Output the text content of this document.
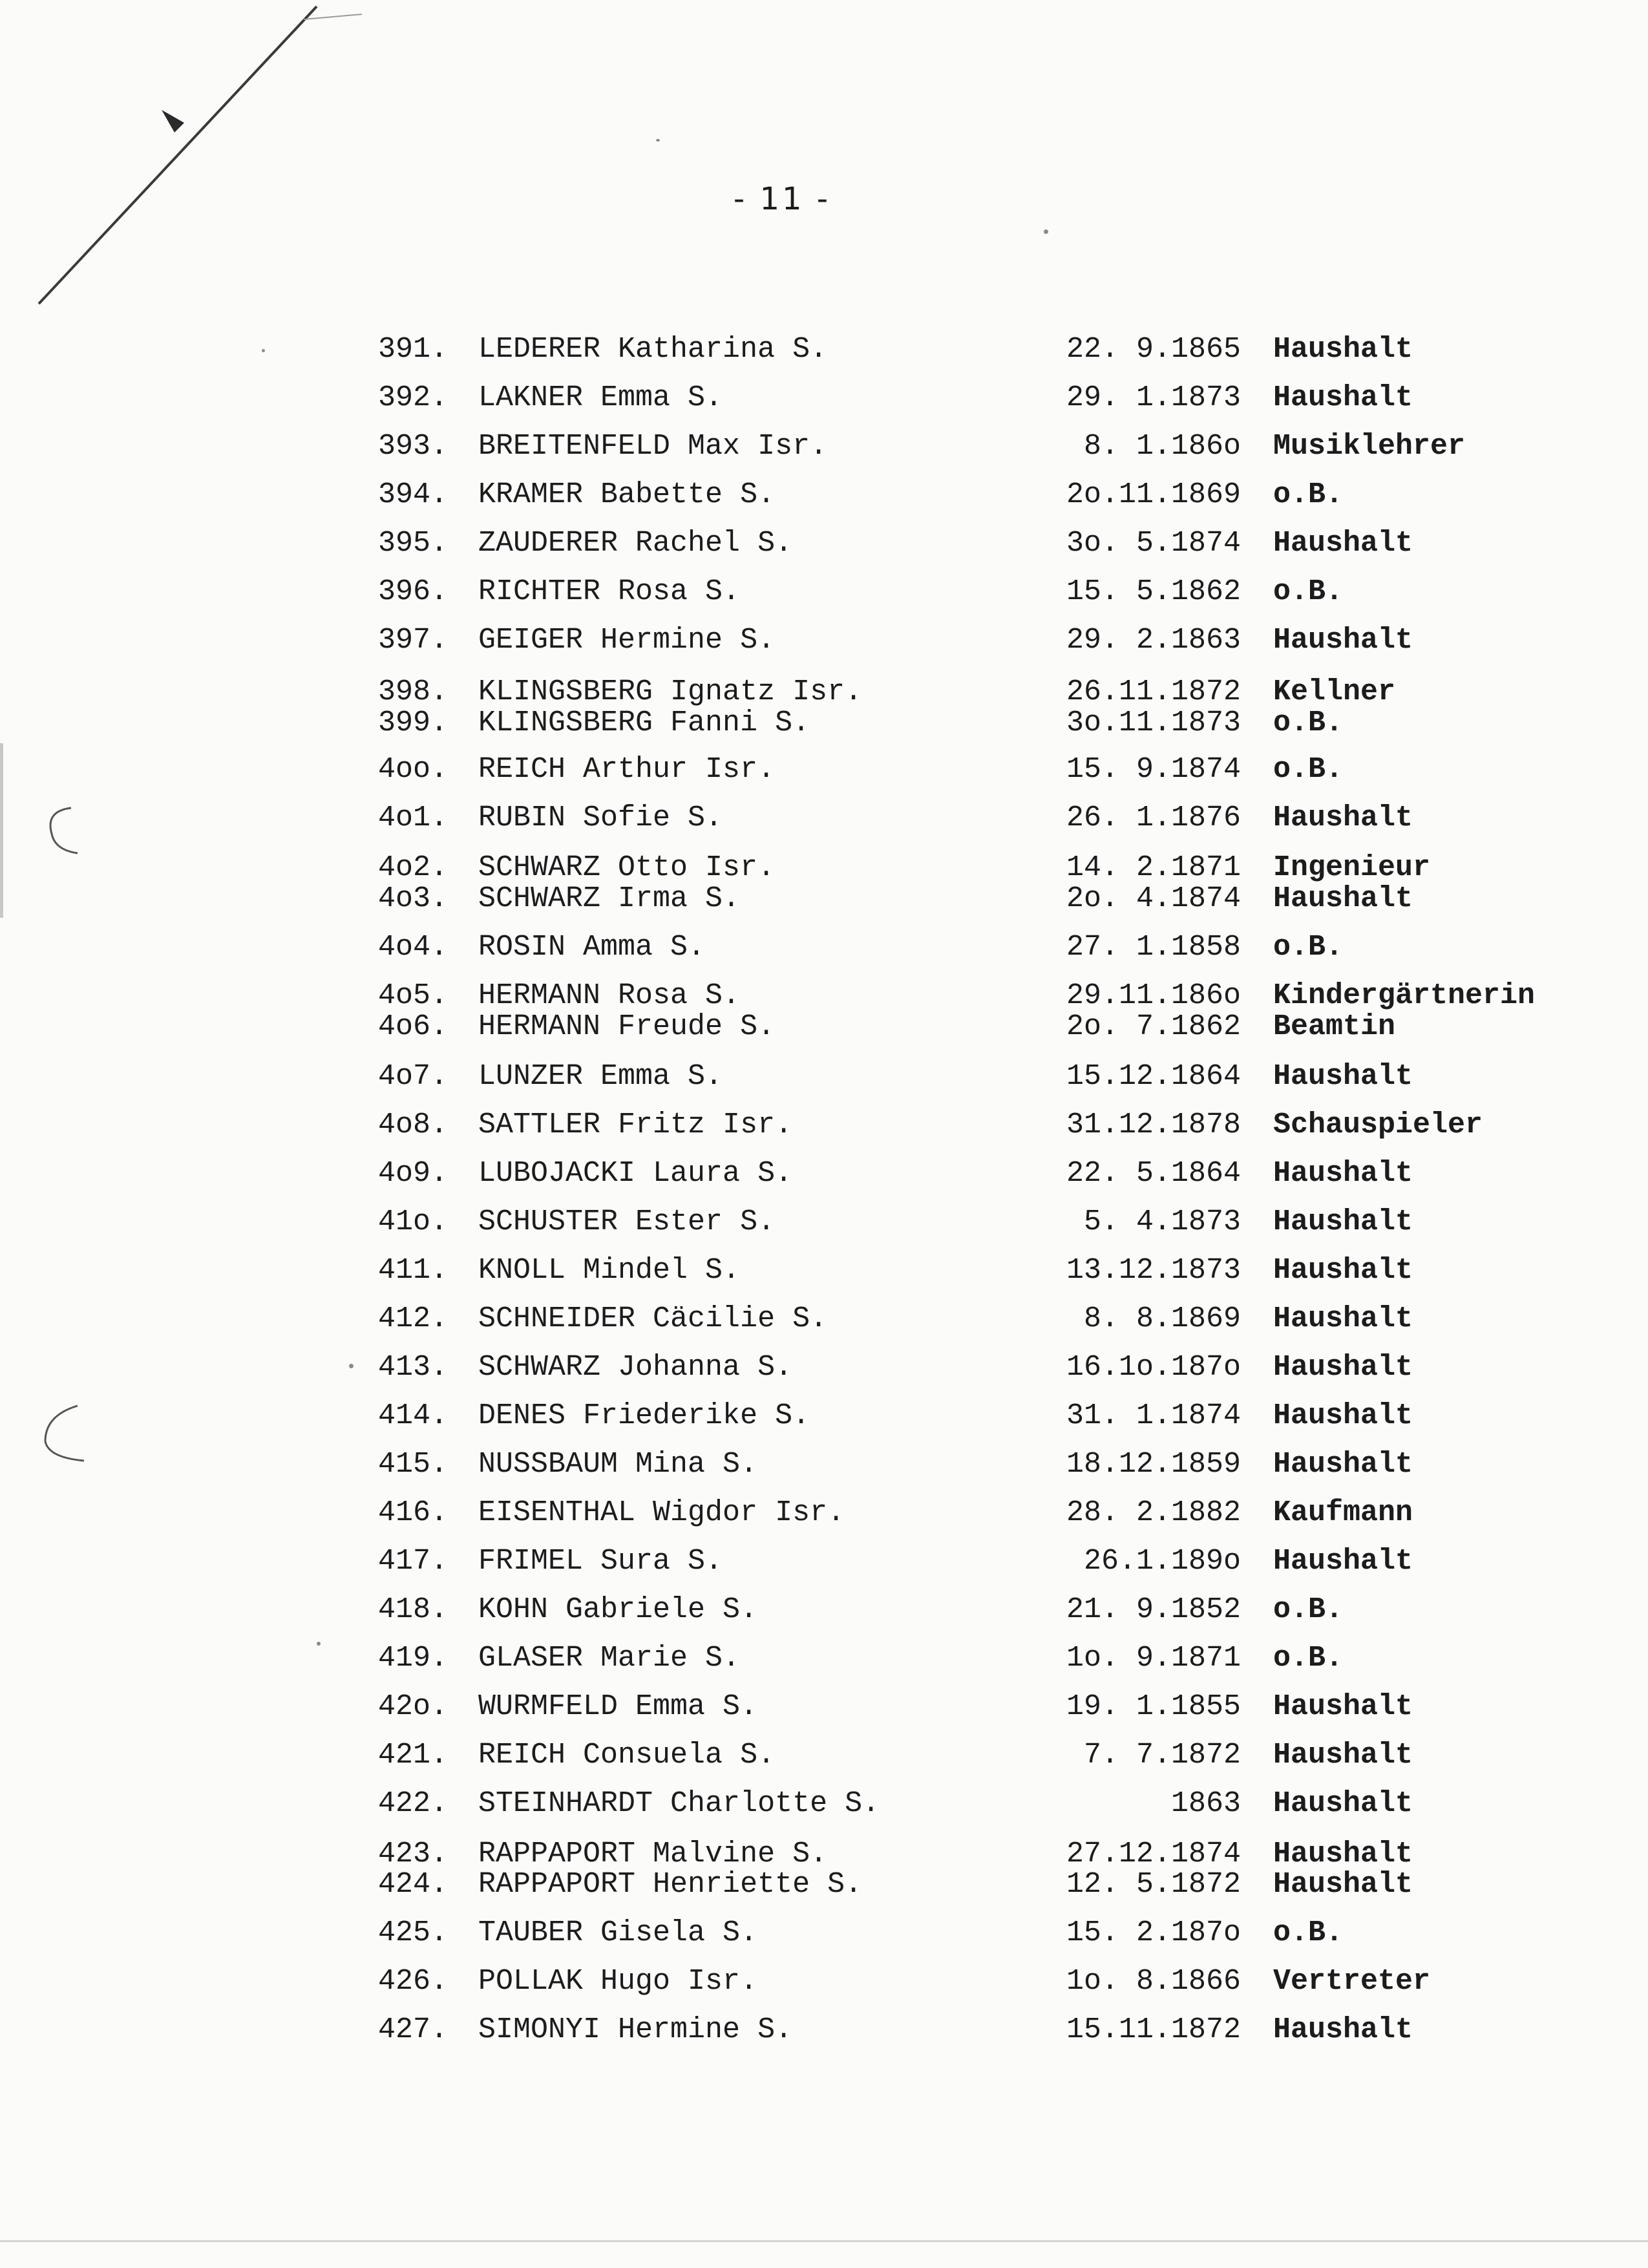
- 11 -
391.	LEDERER Katharina S.	22. 9.1865 Haushalt
392.	LAKNER Emma S.	29. 1.1873 Haushalt
393.	BREITENFELD Max Isr.	8. 1.186o Musiklehrer
394.	KRAMER Babette S.	2o.11.1869 o.B.
395.	ZAUDERER Rachel S.	3o. 5.1874 Haushalt
396.	RICHTER Rosa S.	15. 5.1862 o.B.
397.	GEIGER Hermine S.	29. 2.1863 Haushalt
398.	KLINGSBERG Ignatz Isr.	26.11.1872 Kellner
399.	KLINGSBERG Fanni S.	3o.11.1873 o.B.
4oo.	REICH Arthur Isr.	15. 9.1874 o.B.
4o1.	RUBIN Sofie S.	26. 1.1876 Haushalt
4o2.	SCHWARZ Otto Isr.	14. 2.1871 Ingenieur
4o3.	SCHWARZ Irma S.	2o. 4.1874 Haushalt
4o4.	ROSIN Amma S.	27. 1.1858 o.B.
4o5.	HERMANN Rosa S.	29.11.186o Kindergärtnerin
4o6.	HERMANN Freude S.	2o. 7.1862 Beamtin
4o7.	LUNZER Emma S.	15.12.1864 Haushalt
4o8.	SATTLER Fritz Isr.	31.12.1878 Schauspieler
4o9.	LUBOJACKI Laura S.	22. 5.1864 Haushalt
41o.	SCHUSTER Ester S.	5. 4.1873 Haushalt
411.	KNOLL Mindel S.	13.12.1873 Haushalt
412.	SCHNEIDER Cäcilie S.	8. 8.1869 Haushalt
413.	SCHWARZ Johanna S.	16.1o.187o Haushalt
414.	DENES Friederike S.	31. 1.1874 Haushalt
415.	NUSSBAUM Mina S.	18.12.1859 Haushalt
416.	EISENTHAL Wigdor Isr.	28. 2.1882 Kaufmann
417.	FRIMEL Sura S.	26.1.189o Haushalt
418.	KOHN Gabriele S.	21. 9.1852 o.B.
419.	GLASER Marie S.	1o. 9.1871 o.B.
42o.	WURMFELD Emma S.	19. 1.1855 Haushalt
421.	REICH Consuela S.	7. 7.1872 Haushalt
422.	STEINHARDT Charlotte S.	1863 Haushalt
423.	RAPPAPORT Malvine S.	27.12.1874 Haushalt
424.	RAPPAPORT Henriette S.	12. 5.1872 Haushalt
425.	TAUBER Gisela S.	15. 2.187o o.B.
426.	POLLAK Hugo Isr.	1o. 8.1866 Vertreter
427.	SIMONYI Hermine S.	15.11.1872 Haushalt
